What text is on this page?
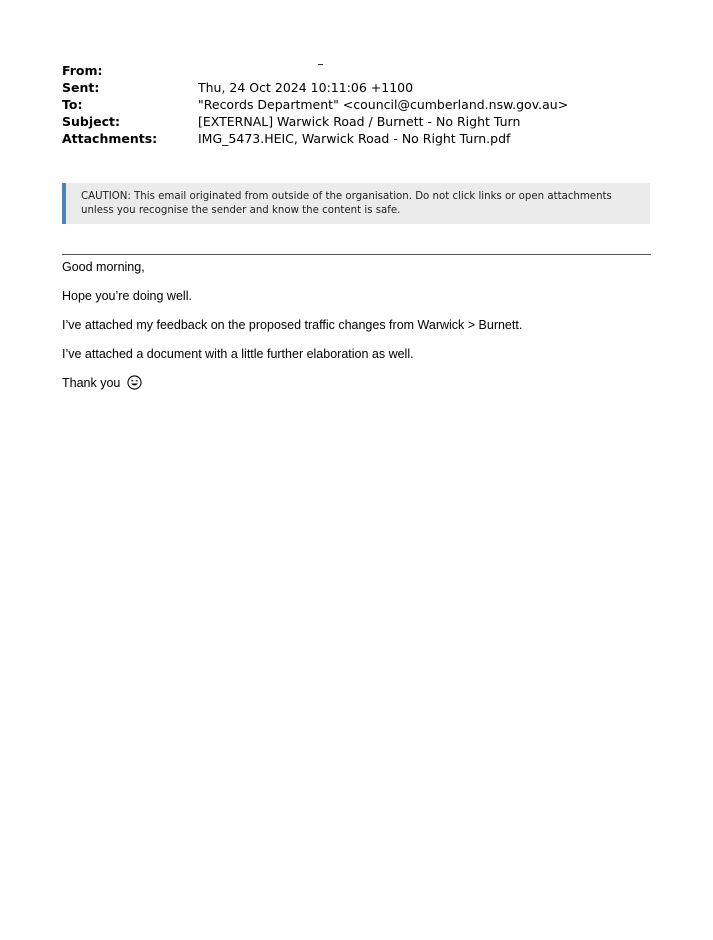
From:
Sent:	Thu, 24 Oct 2024 10:11:06 +1100
To:	"Records Department" <council@cumberland.nsw.gov.au>
Subject:	[EXTERNAL] Warwick Road / Burnett - No Right Turn
Attachments:	IMG_5473.HEIC, Warwick Road - No Right Turn.pdf
CAUTION: This email originated from outside of the organisation. Do not click links or open attachments unless you recognise the sender and know the content is safe.
Good morning,
Hope you’re doing well.
I’ve attached my feedback on the proposed traffic changes from Warwick > Burnett.
I’ve attached a document with a little further elaboration as well.
Thank you
